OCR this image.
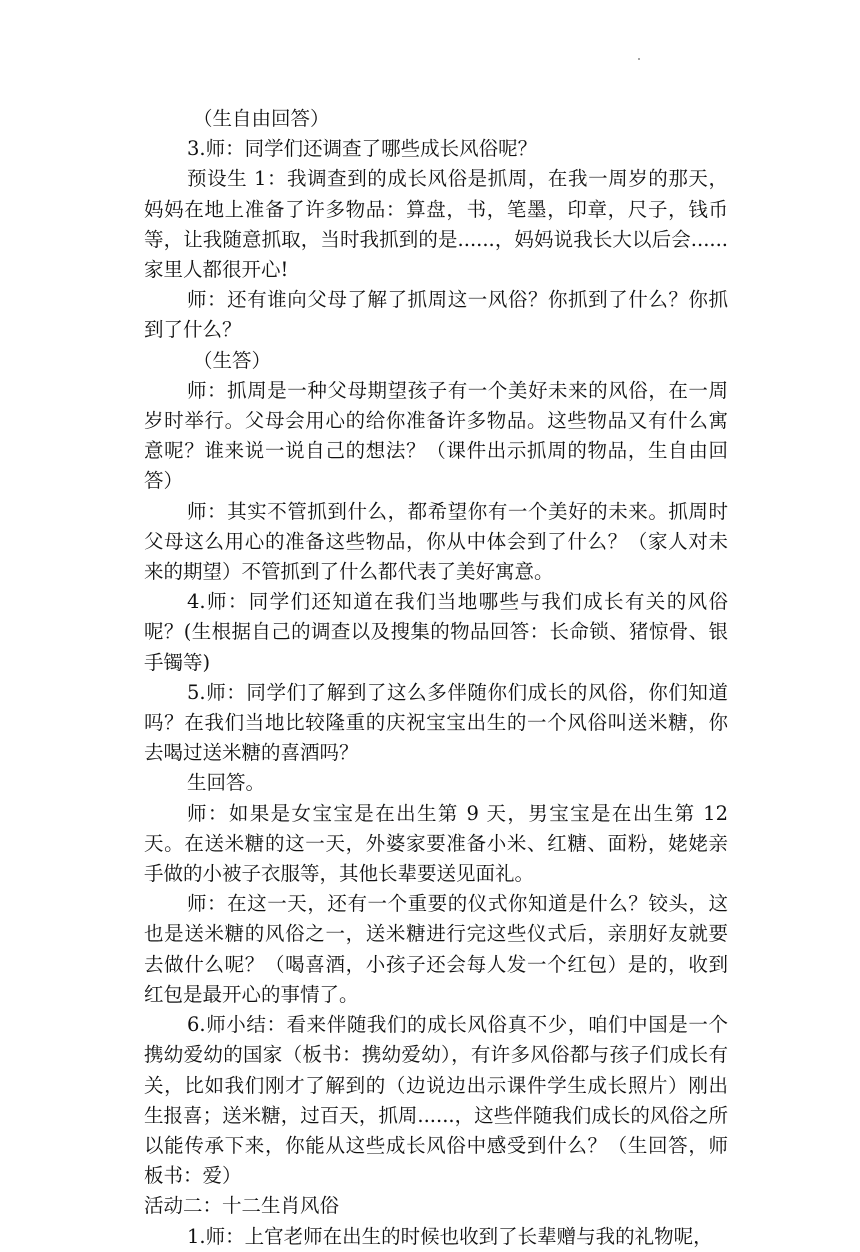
（生自由回答）

3.师：同学们还调查了哪些成长风俗呢？

预设生 1：我调查到的成长风俗是抓周，在我一周岁的那天，妈妈在地上准备了许多物品：算盘，书，笔墨，印章，尺子，钱币等，让我随意抓取，当时我抓到的是......，妈妈说我长大以后会......家里人都很开心!

师：还有谁向父母了解了抓周这一风俗？你抓到了什么？你抓到了什么？

（生答）

师：抓周是一种父母期望孩子有一个美好未来的风俗，在一周岁时举行。父母会用心的给你准备许多物品。这些物品又有什么寓意呢？谁来说一说自己的想法？（课件出示抓周的物品，生自由回答）

师：其实不管抓到什么，都希望你有一个美好的未来。抓周时父母这么用心的准备这些物品，你从中体会到了什么？（家人对未来的期望）不管抓到了什么都代表了美好寓意。

4.师：同学们还知道在我们当地哪些与我们成长有关的风俗呢？(生根据自己的调查以及搜集的物品回答：长命锁、猪惊骨、银手镯等)

5.师：同学们了解到了这么多伴随你们成长的风俗，你们知道吗？在我们当地比较隆重的庆祝宝宝出生的一个风俗叫送米糖，你去喝过送米糖的喜酒吗？

生回答。

师：如果是女宝宝是在出生第 9 天，男宝宝是在出生第 12 天。在送米糖的这一天，外婆家要准备小米、红糖、面粉，姥姥亲手做的小被子衣服等，其他长辈要送见面礼。

师：在这一天，还有一个重要的仪式你知道是什么？铰头，这也是送米糖的风俗之一，送米糖进行完这些仪式后，亲朋好友就要去做什么呢？（喝喜酒，小孩子还会每人发一个红包）是的，收到红包是最开心的事情了。

6.师小结：看来伴随我们的成长风俗真不少，咱们中国是一个携幼爱幼的国家（板书：携幼爱幼），有许多风俗都与孩子们成长有关，比如我们刚才了解到的（边说边出示课件学生成长照片）刚出生报喜；送米糖，过百天，抓周......，这些伴随我们成长的风俗之所以能传承下来，你能从这些成长风俗中感受到什么？（生回答，师板书：爱）

活动二：十二生肖风俗

1.师：上官老师在出生的时候也收到了长辈赠与我的礼物呢，
